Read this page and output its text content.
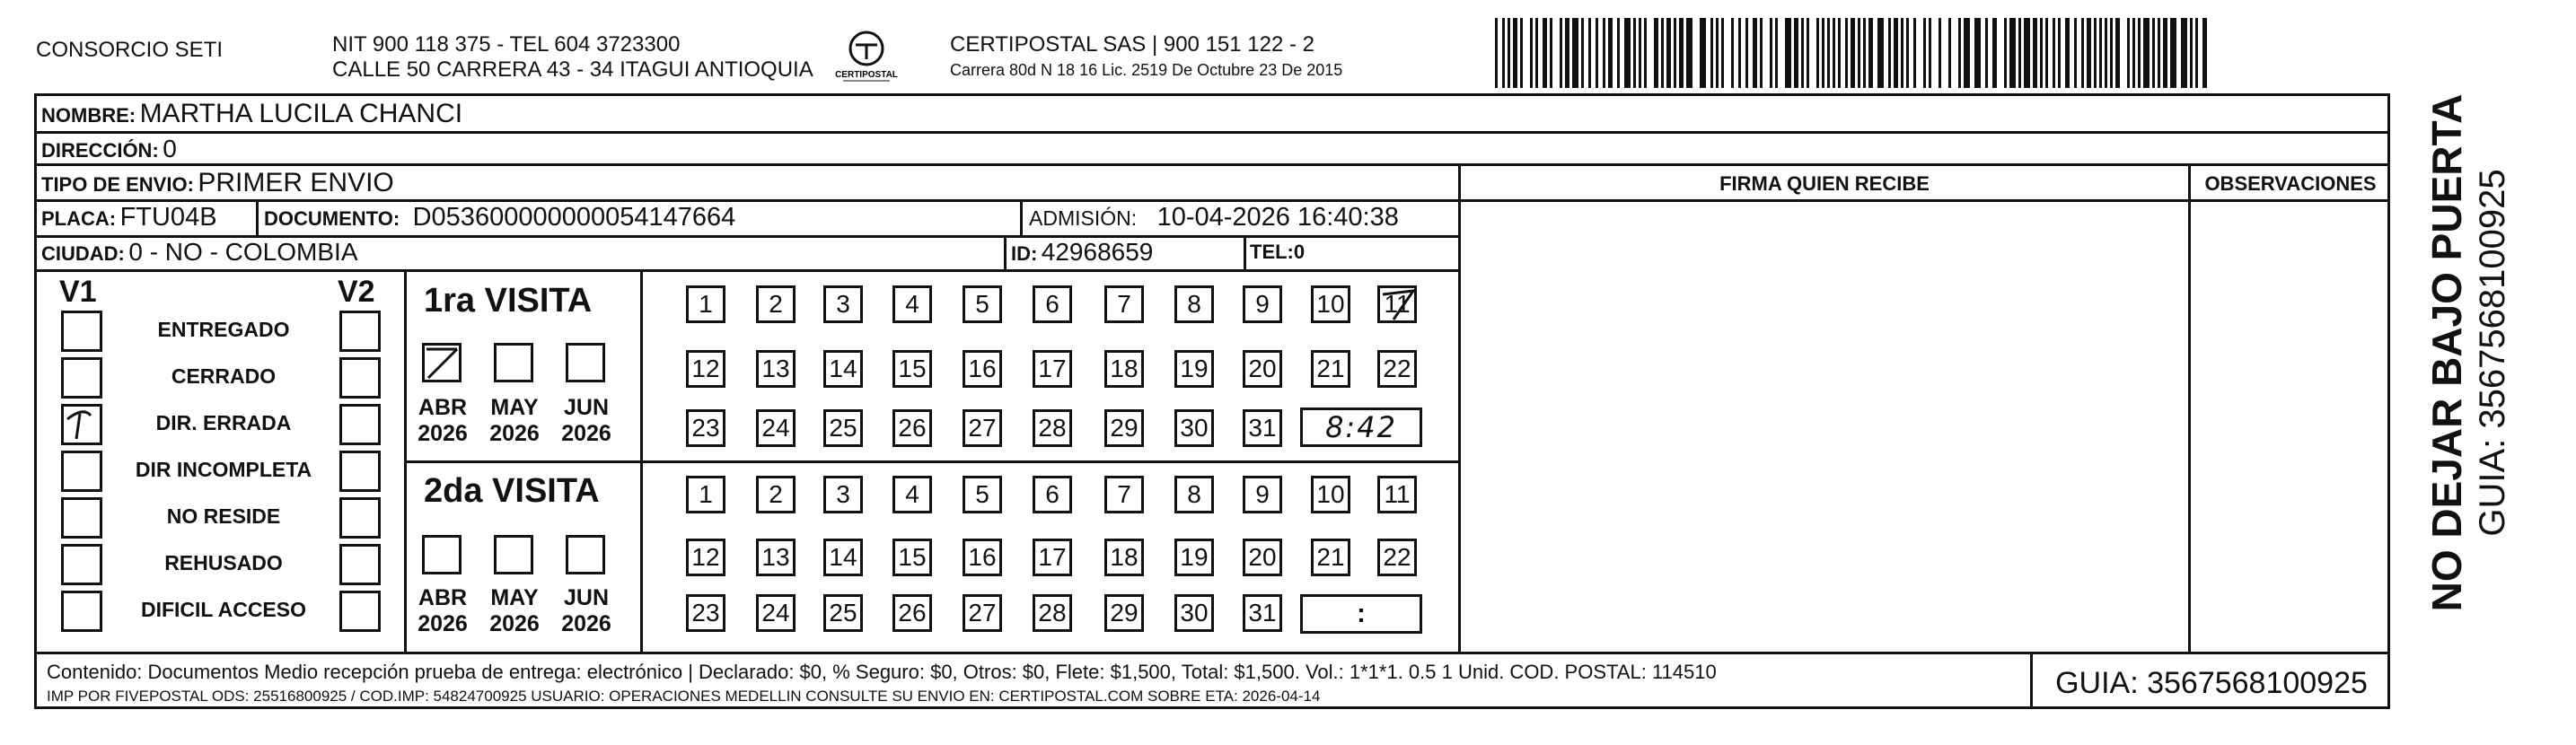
CONSORCIO SETI	NIT 900 118 375 - TEL 604 3723300
CALLE 50 CARRERA 43 - 34 ITAGUI ANTIOQUIA CERTIPOSTAL
CERTIPOSTAL SAS | 900 151 122 - 2
Carrera 80d N 18 16 Lic. 2519 De Octubre 23 De 2015
NOMBRE: MARTHA LUCILA CHANCI
DIRECCIÓN: 0
TIPO DE ENVIO: PRIMER ENVIO	FIRMA QUIEN RECIBE	OBSERVACIONES
PLACA: FTU04B DOCUMENTO: D053600000000054147664	ADMISIÓN: 10-04-2026 16:40:38
CIUDAD: 0 - NO - COLOMBIA	ID: 42968659	TEL:0
V1	V2
ENTREGADO
CERRADO
DIR. ERRADA
DIR INCOMPLETA
NO RESIDE
REHUSADO
DIFICIL ACCESO
1ra VISITA
ABR
2026
MAY
2026
JUN
2026
1	2	3	4	5	6	7	8	9	10 11
12 13 14 15 16 17 18 19 20 21 22
23 24 25 26 27 28 29 30 31 8:42
2da VISITA
ABR
2026
MAY
2026
JUN
2026
1	2	3	4	5	6	7	8	9	10 11
12 13 14 15 16 17 18 19 20 21 22
23 24 25 26 27 28 29 30 31	:
Contenido: Documentos Medio recepción prueba de entrega: electrónico | Declarado: $0, % Seguro: $0, Otros: $0, Flete: $1,500, Total: $1,500. Vol.: 1*1*1. 0.5 1 Unid. COD. POSTAL: 114510
IMP POR FIVEPOSTAL ODS: 25516800925 / COD.IMP: 54824700925 USUARIO: OPERACIONES MEDELLIN CONSULTE SU ENVIO EN: CERTIPOSTAL.COM SOBRE ETA: 2026-04-14	GUIA: 3567568100925
NO DEJAR BAJO PUERTA GUIA: 3567568100925
